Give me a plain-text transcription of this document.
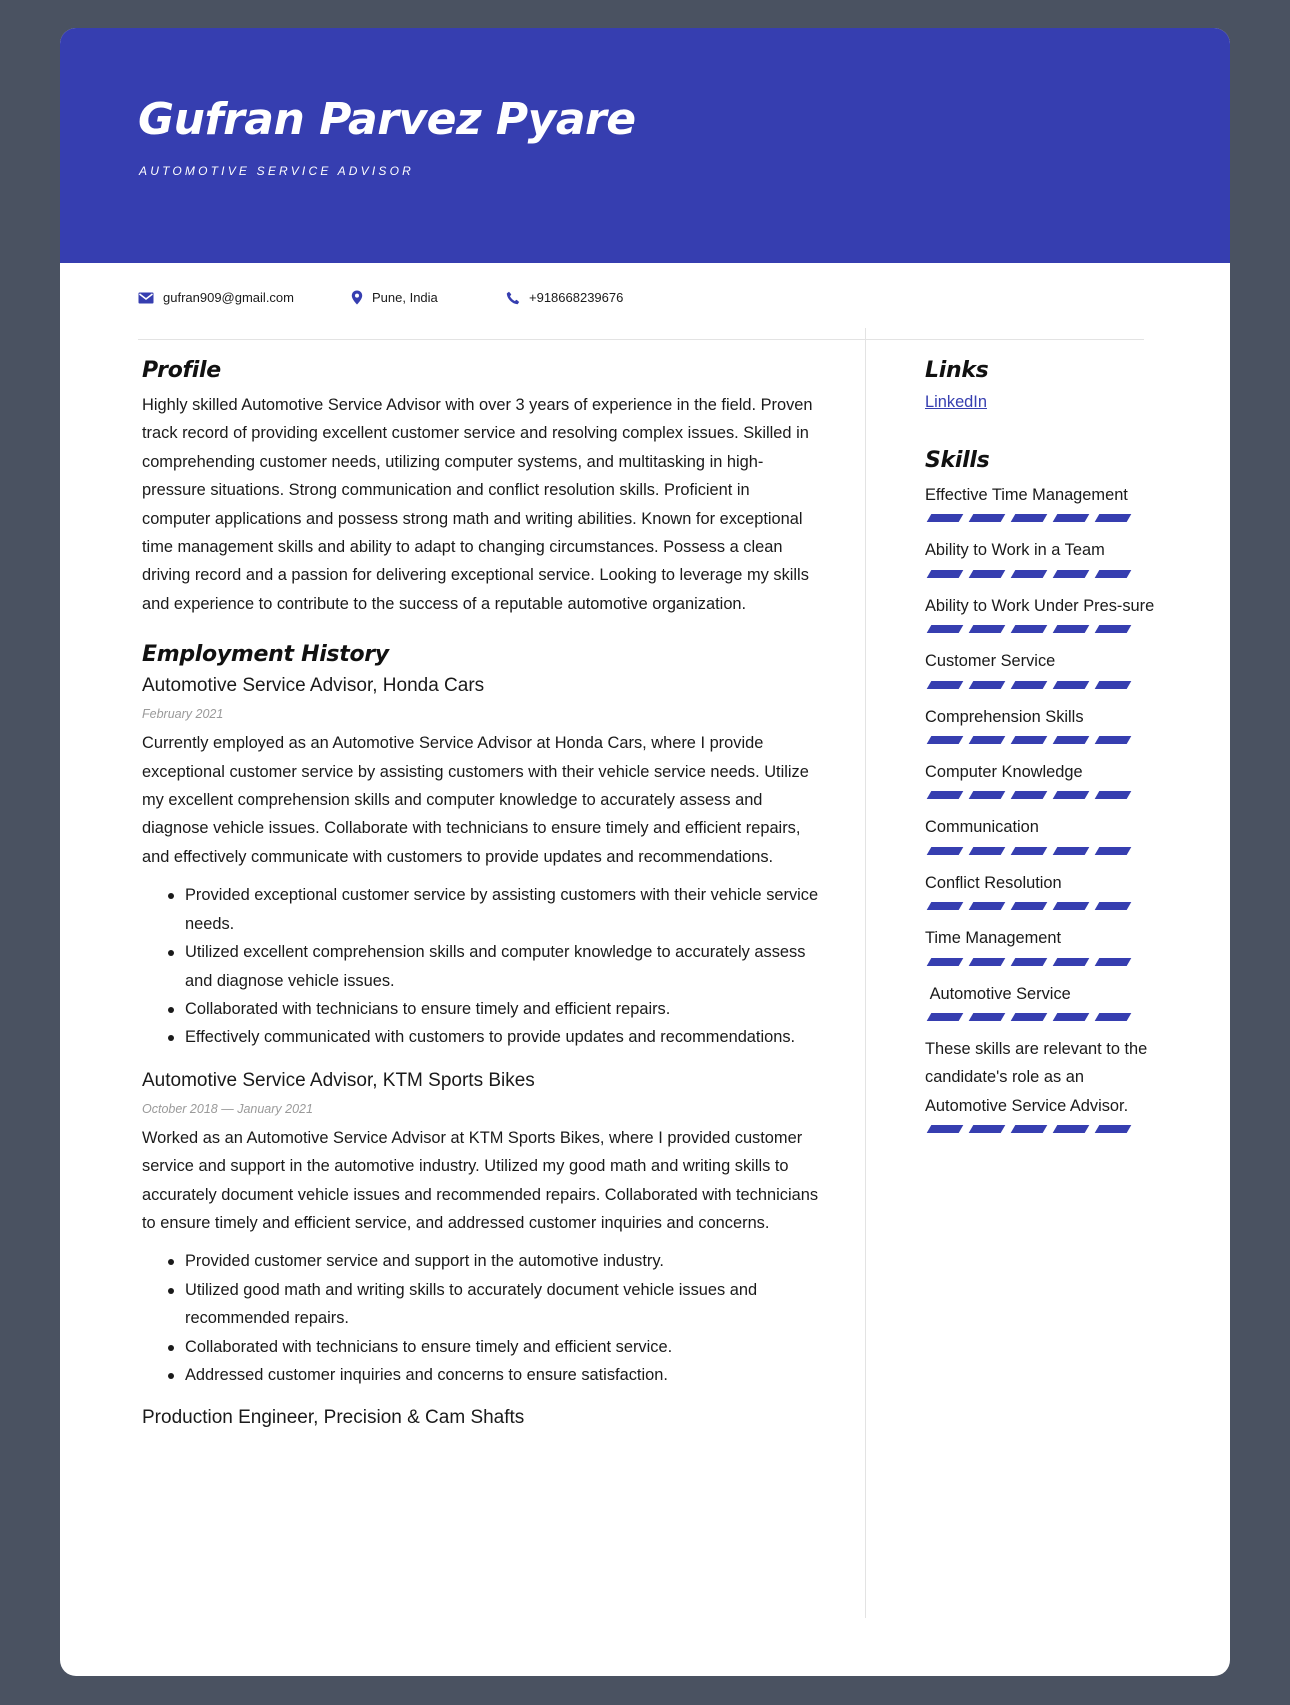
Gufran Parvez Pyare
AUTOMOTIVE SERVICE ADVISOR
gufran909@gmail.com	Pune, India	+918668239676
Profile

Highly skilled Automotive Service Advisor with over 3 years of experience in the field. Proven track record of providing excellent customer service and resolving complex issues. Skilled in comprehending customer needs, utilizing computer systems, and multitasking in high-pressure situations. Strong communication and conflict resolution skills. Proficient in computer applications and possess strong math and writing abilities. Known for exceptional time management skills and ability to adapt to changing circumstances. Possess a clean driving record and a passion for delivering exceptional service. Looking to leverage my skills and experience to contribute to the success of a reputable automotive organization.

Employment History
Automotive Service Advisor, Honda Cars
February 2021

Currently employed as an Automotive Service Advisor at Honda Cars, where I provide exceptional customer service by assisting customers with their vehicle service needs. Utilize my excellent comprehension skills and computer knowledge to accurately assess and diagnose vehicle issues. Collaborate with technicians to ensure timely and efficient repairs, and effectively communicate with customers to provide updates and recommendations.

Provided exceptional customer service by assisting customers with their vehicle service needs.
Utilized excellent comprehension skills and computer knowledge to accurately assess and diagnose vehicle issues.
Collaborated with technicians to ensure timely and efficient repairs.
Effectively communicated with customers to provide updates and recommendations.
Automotive Service Advisor, KTM Sports Bikes
October 2018 — January 2021

Worked as an Automotive Service Advisor at KTM Sports Bikes, where I provided customer service and support in the automotive industry. Utilized my good math and writing skills to accurately document vehicle issues and recommended repairs. Collaborated with technicians to ensure timely and efficient service, and addressed customer inquiries and concerns.

Provided customer service and support in the automotive industry.
Utilized good math and writing skills to accurately document vehicle issues and recommended repairs.
Collaborated with technicians to ensure timely and efficient service.
Addressed customer inquiries and concerns to ensure satisfaction.
Production Engineer, Precision & Cam Shafts
Links
LinkedIn
Skills
Effective Time Management
Ability to Work in a Team
Ability to Work Under Pres-sure
Customer Service
Comprehension Skills
Computer Knowledge
Communication
Conflict Resolution
Time Management
Automotive Service
These skills are relevant to the candidate's role as an Automotive Service Advisor.
